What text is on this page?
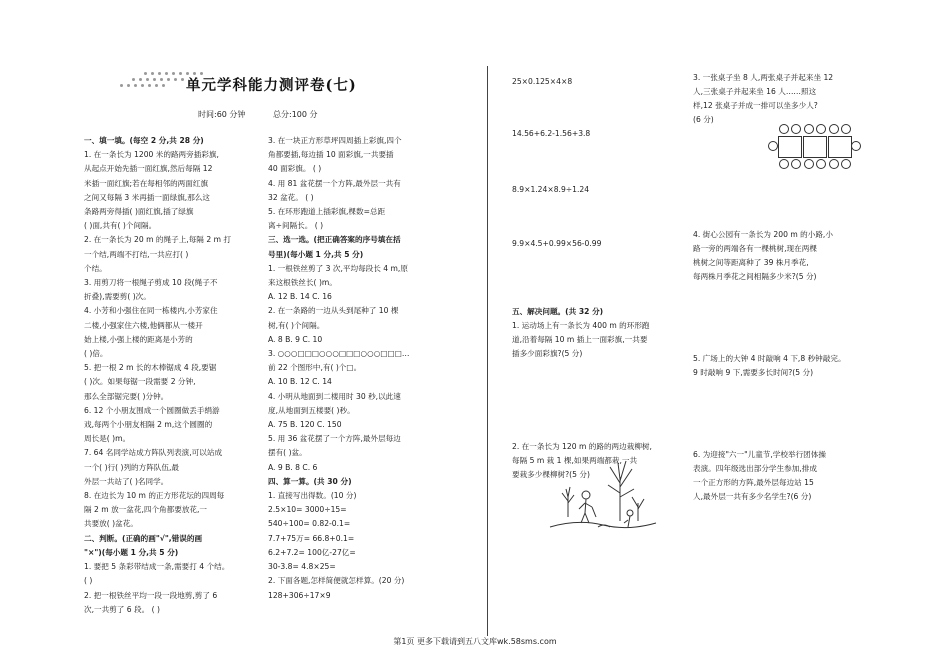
单元学科能力测评卷(七)
时间:60 分钟	总分:100 分

一、填一填。(每空 2 分,共 28 分)

1. 在一条长为 1200 米的路两旁插彩旗,

从起点开始先插一面红旗,然后每隔 12

米插一面红旗;若在每相邻的两面红旗

之间又每隔 3 米再插一面绿旗,那么这

条路两旁得插( )面红旗,插了绿旗

( )面,共有( )个间隔。

2. 在一条长为 20 m 的绳子上,每隔 2 m 打

一个结,两端不打结,一共应打( )

个结。

3. 用剪刀将一根绳子剪成 10 段(绳子不

折叠),需要剪( )次。

4. 小芳和小强住在同一栋楼内,小芳家住

二楼,小强家住六楼,他俩都从一楼开

始上楼,小强上楼的距离是小芳的

( )倍。

5. 把一根 2 m 长的木棒锯成 4 段,要锯

( )次。如果每锯一段需要 2 分钟,

那么全部锯完要( )分钟。

6. 12 个小朋友围成一个圆圈做丢手绢游

戏,每两个小朋友相隔 2 m,这个圆圈的

周长是( )m。

7. 64 名同学站成方阵队列表演,可以站成

一个( )行( )列的方阵队伍,最

外层一共站了( )名同学。

8. 在边长为 10 m 的正方形花坛的四周每

隔 2 m 放一盆花,四个角都要放花,一

共要放( )盆花。

二、判断。(正确的画"√",错误的画

"×")(每小题 1 分,共 5 分)

1. 要把 5 条彩带结成一条,需要打 4 个结。

( )

2. 把一根铁丝平均一段一段地剪,剪了 6

次,一共剪了 6 段。 ( )

3. 在一块正方形草坪四周插上彩旗,四个

角都要插,每边插 10 面彩旗,一共要插

40 面彩旗。 ( )

4. 用 81 盆花摆一个方阵,最外层一共有

32 盆花。 ( )

5. 在环形跑道上插彩旗,棵数=总距

离÷间隔长。 ( )

三、选一选。(把正确答案的序号填在括

号里)(每小题 1 分,共 5 分)

1. 一根铁丝剪了 3 次,平均每段长 4 m,原

来这根铁丝长( )m。

A. 12 B. 14 C. 16

2. 在一条路的一边从头到尾种了 10 棵

树,有( )个间隔。

A. 8 B. 9 C. 10

3. ○○○□□□○○○□□□○○○□□□…

前 22 个图形中,有( )个□。

A. 10 B. 12 C. 14

4. 小明从地面到二楼用时 30 秒,以此速

度,从地面到五楼要( )秒。

A. 75 B. 120 C. 150

5. 用 36 盆花摆了一个方阵,最外层每边

摆有( )盆。

A. 9 B. 8 C. 6

四、算一算。(共 30 分)

1. 直接写出得数。(10 分)

2.5×10= 3000÷15=

540÷100= 0.82-0.1=

7.7+75万= 66.8+0.1=

6.2+7.2= 100亿-27亿=

30-3.8= 4.8×25=

2. 下面各题,怎样简便就怎样算。(20 分)

128+306÷17×9

25×0.125×4×8

14.56+6.2-1.56+3.8

8.9×1.24×8.9÷1.24

9.9×4.5+0.99×56-0.99

五、解决问题。(共 32 分)

1. 运动场上有一条长为 400 m 的环形跑

道,沿着每隔 10 m 插上一面彩旗,一共要

插多少面彩旗?(5 分)

2. 在一条长为 120 m 的路的两边栽柳树,

每隔 5 m 栽 1 棵,如果两端都栽,一共

要栽多少棵柳树?(5 分)

3. 一张桌子坐 8 人,两张桌子并起来坐 12

人,三张桌子并起来坐 16 人……照这

样,12 张桌子并成一排可以坐多少人?

(6 分)

4. 街心公园有一条长为 200 m 的小路,小

路一旁的两端各有一棵桃树,现在两棵

桃树之间等距离种了 39 株月季花,

每两株月季花之间相隔多少米?(5 分)

5. 广场上的大钟 4 时敲响 4 下,8 秒钟敲完。

9 时敲响 9 下,需要多长时间?(5 分)

6. 为迎接"六一"儿童节,学校举行团体操

表演。四年级选出部分学生参加,排成

一个正方形的方阵,最外层每边站 15

人,最外层一共有多少名学生?(6 分)

第1页 更多下载请到五八文库wk.58sms.com
